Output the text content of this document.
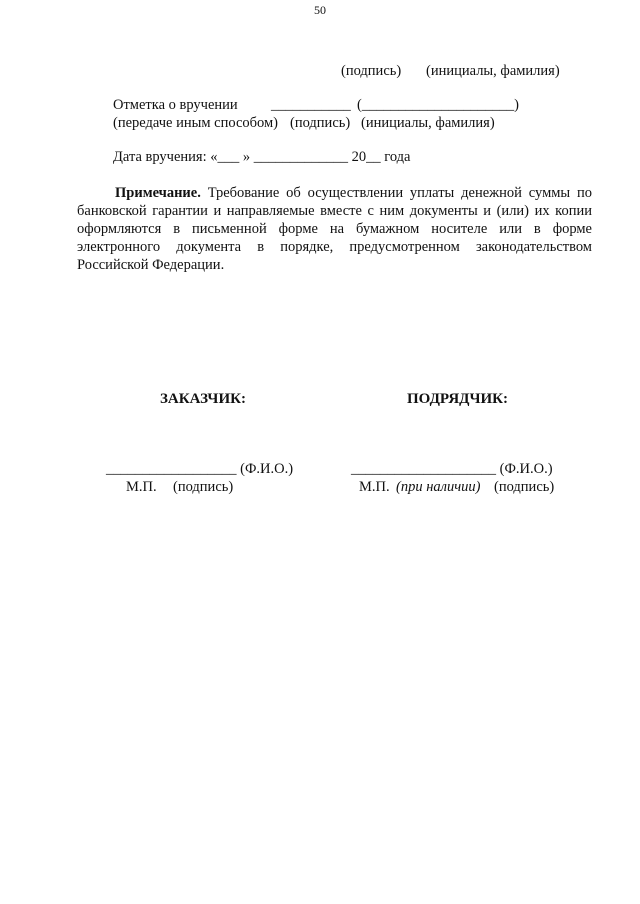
50
(подпись) (инициалы, фамилия)
Отметка о вручении ___________ (_____________________)
(передаче иным способом) (подпись) (инициалы, фамилия)
Дата вручения: «___ » _____________ 20__ года
Примечание. Требование об осуществлении уплаты денежной суммы по банковской гарантии и направляемые вместе с ним документы и (или) их копии оформляются в письменной форме на бумажном носителе или в форме электронного документа в порядке, предусмотренном законодательством Российской Федерации.
ЗАКАЗЧИК:
__________________ (Ф.И.О.)
М.П. (подпись)
ПОДРЯДЧИК:
____________________ (Ф.И.О.)
М.П. (при наличии) (подпись)
